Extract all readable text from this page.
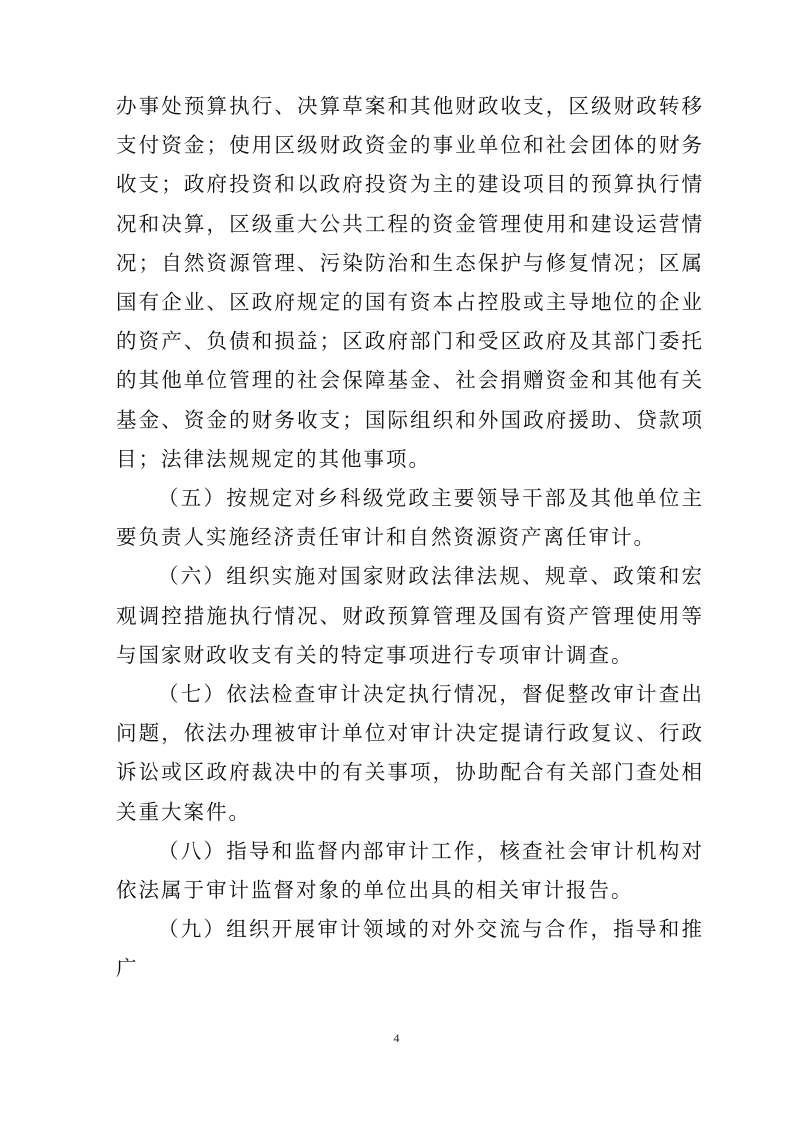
办事处预算执行、决算草案和其他财政收支，区级财政转移支付资金；使用区级财政资金的事业单位和社会团体的财务收支；政府投资和以政府投资为主的建设项目的预算执行情况和决算，区级重大公共工程的资金管理使用和建设运营情况；自然资源管理、污染防治和生态保护与修复情况；区属国有企业、区政府规定的国有资本占控股或主导地位的企业的资产、负债和损益；区政府部门和受区政府及其部门委托的其他单位管理的社会保障基金、社会捐赠资金和其他有关基金、资金的财务收支；国际组织和外国政府援助、贷款项目；法律法规规定的其他事项。

（五）按规定对乡科级党政主要领导干部及其他单位主要负责人实施经济责任审计和自然资源资产离任审计。

（六）组织实施对国家财政法律法规、规章、政策和宏观调控措施执行情况、财政预算管理及国有资产管理使用等与国家财政收支有关的特定事项进行专项审计调查。

（七）依法检查审计决定执行情况，督促整改审计查出问题，依法办理被审计单位对审计决定提请行政复议、行政诉讼或区政府裁决中的有关事项，协助配合有关部门查处相关重大案件。

（八）指导和监督内部审计工作，核查社会审计机构对依法属于审计监督对象的单位出具的相关审计报告。

（九）组织开展审计领域的对外交流与合作，指导和推广

4
